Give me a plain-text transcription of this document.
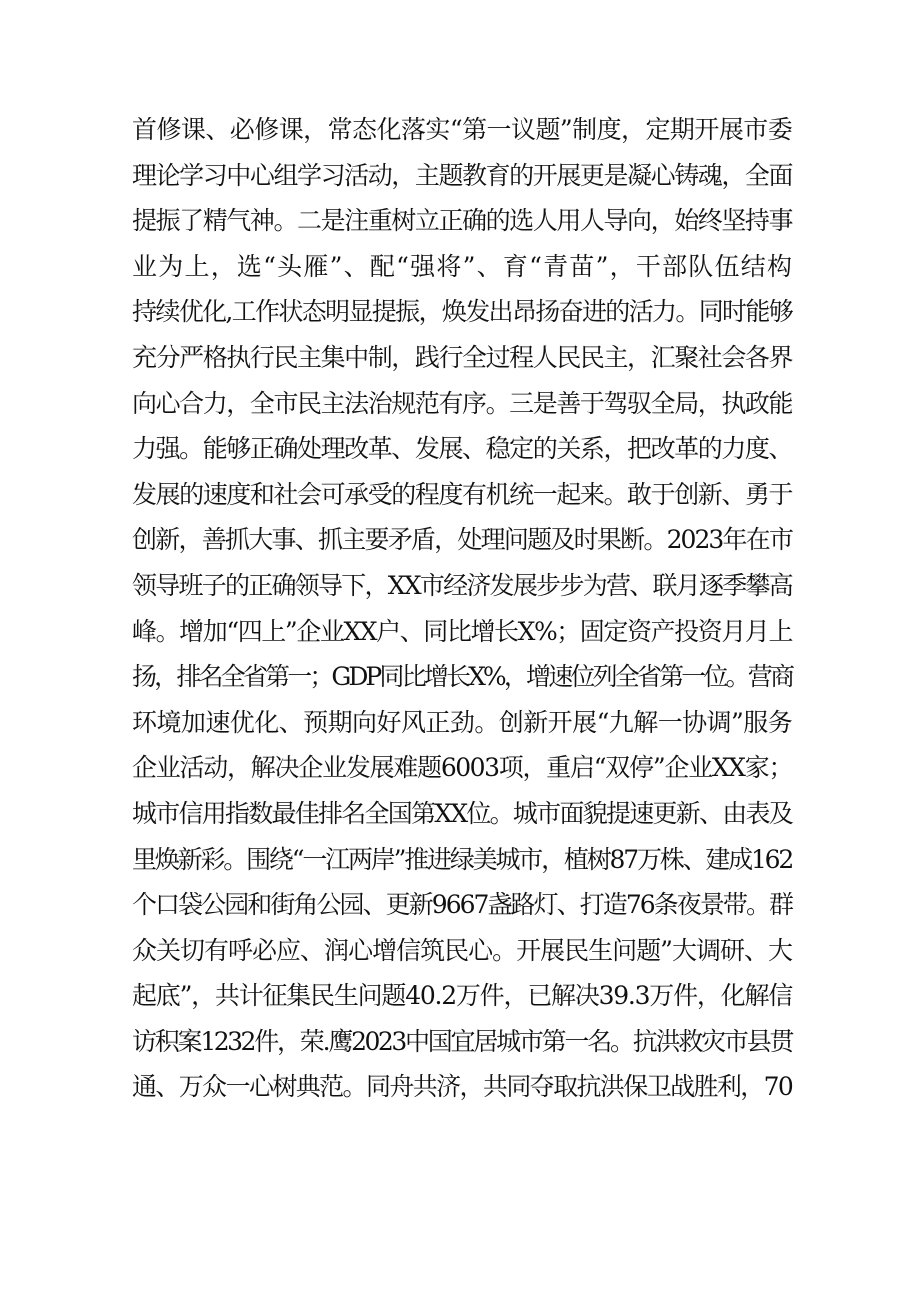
首修课、必修课，常态化落实“第一议题”制度，定期开展市委
理论学习中心组学习活动，主题教育的开展更是凝心铸魂，全面
提振了精气神。二是注重树立正确的选人用人导向，始终坚持事
业为上，选“头雁”、配“强将”、育“青苗”，干部队伍结构
持续优化,工作状态明显提振，焕发出昂扬奋进的活力。同时能够
充分严格执行民主集中制，践行全过程人民民主，汇聚社会各界
向心合力，全市民主法治规范有序。三是善于驾驭全局，执政能
力强。能够正确处理改革、发展、稳定的关系，把改革的力度、
发展的速度和社会可承受的程度有机统一起来。敢于创新、勇于
创新，善抓大事、抓主要矛盾，处理问题及时果断。2023年在市
领导班子的正确领导下，XX市经济发展步步为营、联月逐季攀高
峰。增加“四上”企业XX户、同比增长X%；固定资产投资月月上
扬，排名全省第一；GDP同比增长X%，增速位列全省第一位。营商
环境加速优化、预期向好风正劲。创新开展“九解一协调”服务
企业活动，解决企业发展难题6003项，重启“双停”企业XX家；
城市信用指数最佳排名全国第XX位。城市面貌提速更新、由表及
里焕新彩。围绕“一江两岸”推进绿美城市，植树87万株、建成162
个口袋公园和街角公园、更新9667盏路灯、打造76条夜景带。群
众关切有呼必应、润心增信筑民心。开展民生问题”大调研、大
起底”，共计征集民生问题40.2万件，已解决39.3万件，化解信
访积案1232件，荣.鹰2023中国宜居城市第一名。抗洪救灾市县贯
通、万众一心树典范。同舟共济，共同夺取抗洪保卫战胜利，70
